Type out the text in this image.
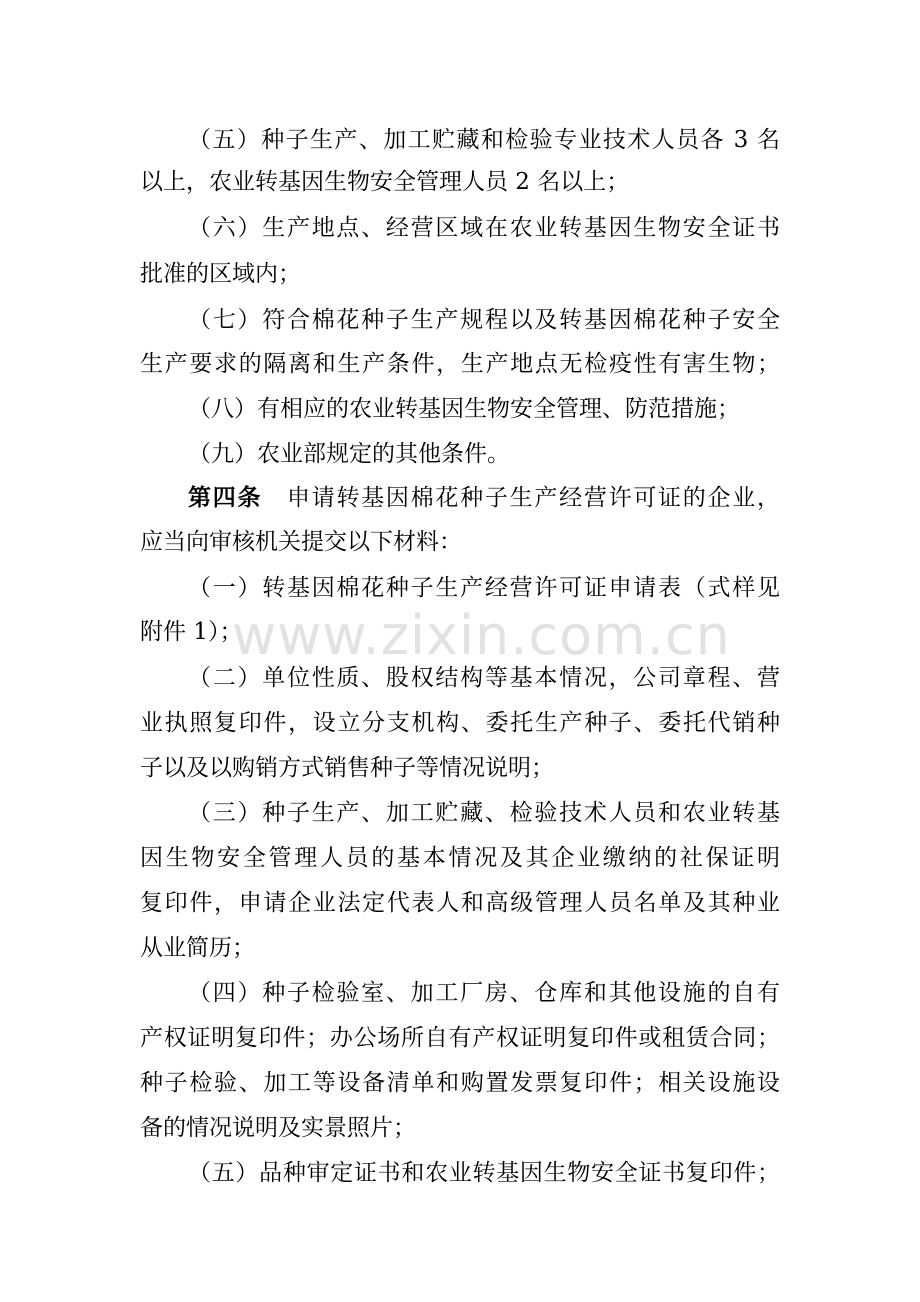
（五）种子生产、加工贮藏和检验专业技术人员各 3 名
以上，农业转基因生物安全管理人员 2 名以上；
（六）生产地点、经营区域在农业转基因生物安全证书
批准的区域内；
（七）符合棉花种子生产规程以及转基因棉花种子安全
生产要求的隔离和生产条件，生产地点无检疫性有害生物；
（八）有相应的农业转基因生物安全管理、防范措施；
（九）农业部规定的其他条件。
第四条　 申请转基因棉花种子生产经营许可证的企业，
应当向审核机关提交以下材料：
（一）转基因棉花种子生产经营许可证申请表（式样见
附件 1）；
（二）单位性质、股权结构等基本情况，公司章程、营
业执照复印件，设立分支机构、委托生产种子、委托代销种
子以及以购销方式销售种子等情况说明；
（三）种子生产、加工贮藏、检验技术人员和农业转基
因生物安全管理人员的基本情况及其企业缴纳的社保证明
复印件，申请企业法定代表人和高级管理人员名单及其种业
从业简历；
（四）种子检验室、加工厂房、仓库和其他设施的自有
产权证明复印件；办公场所自有产权证明复印件或租赁合同；
种子检验、加工等设备清单和购置发票复印件；相关设施设
备的情况说明及实景照片；
（五）品种审定证书和农业转基因生物安全证书复印件；
www.zixin.com.cn
